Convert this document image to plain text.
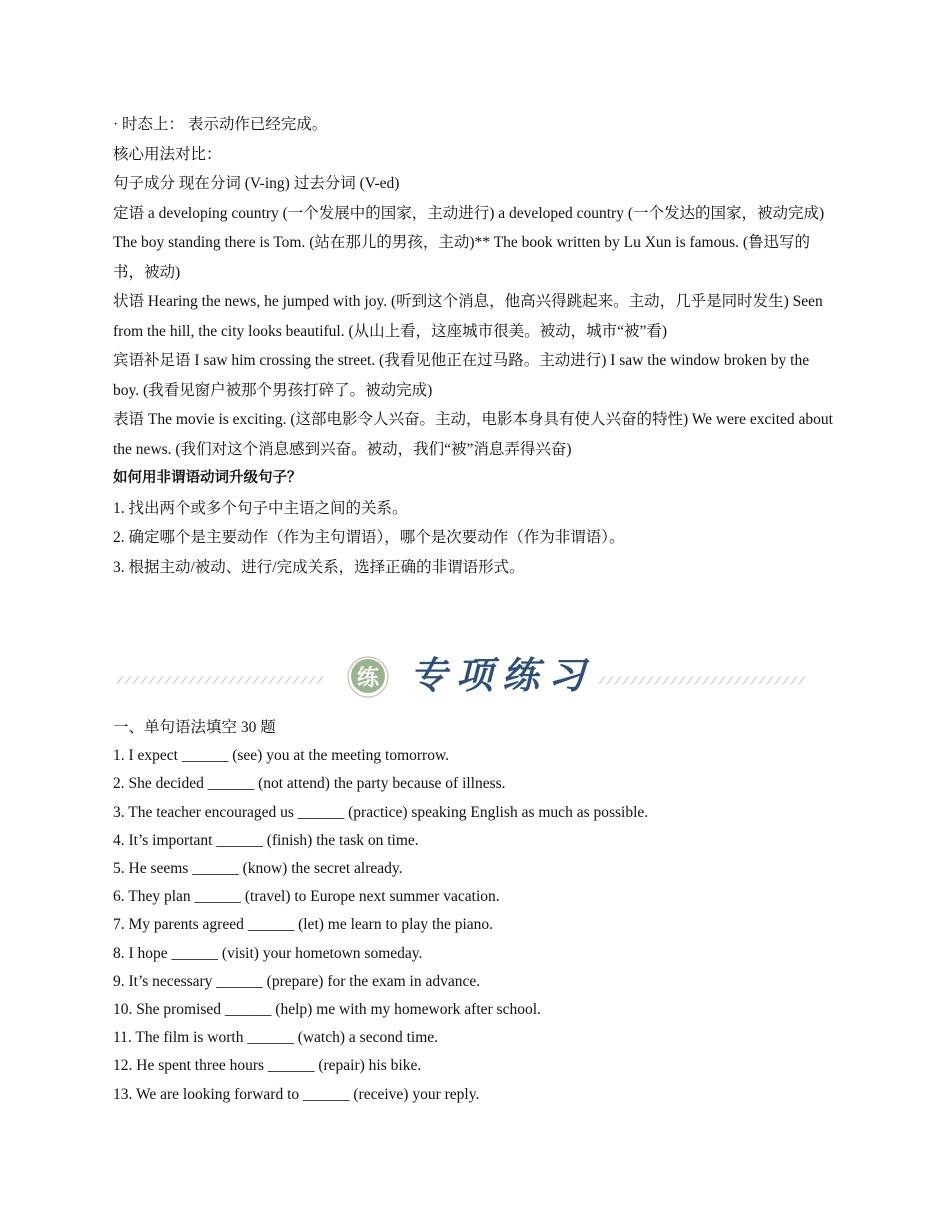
· 时态上： 表示动作已经完成。

核心用法对比：

句子成分 现在分词 (V-ing) 过去分词 (V-ed)

定语 a developing country (一个发展中的国家，主动进行) a developed country (一个发达的国家，被动完成)

The boy standing there is Tom. (站在那儿的男孩，主动)** The book written by Lu Xun is famous. (鲁迅写的书，被动)

状语 Hearing the news, he jumped with joy. (听到这个消息，他高兴得跳起来。主动，几乎是同时发生) Seen from the hill, the city looks beautiful. (从山上看，这座城市很美。被动，城市“被”看)

宾语补足语 I saw him crossing the street. (我看见他正在过马路。主动进行) I saw the window broken by the boy. (我看见窗户被那个男孩打碎了。被动完成)

表语 The movie is exciting. (这部电影令人兴奋。主动，电影本身具有使人兴奋的特性) We were excited about the news. (我们对这个消息感到兴奋。被动，我们“被”消息弄得兴奋)

如何用非谓语动词升级句子？

1. 找出两个或多个句子中主语之间的关系。

2. 确定哪个是主要动作（作为主句谓语），哪个是次要动作（作为非谓语）。

3. 根据主动/被动、进行/完成关系，选择正确的非谓语形式。

练 专项练习

一、单句语法填空 30 题

1. I expect ______ (see) you at the meeting tomorrow.

2. She decided ______ (not attend) the party because of illness.

3. The teacher encouraged us ______ (practice) speaking English as much as possible.

4. It’s important ______ (finish) the task on time.

5. He seems ______ (know) the secret already.

6. They plan ______ (travel) to Europe next summer vacation.

7. My parents agreed ______ (let) me learn to play the piano.

8. I hope ______ (visit) your hometown someday.

9. It’s necessary ______ (prepare) for the exam in advance.

10. She promised ______ (help) me with my homework after school.

11. The film is worth ______ (watch) a second time.

12. He spent three hours ______ (repair) his bike.

13. We are looking forward to ______ (receive) your reply.
